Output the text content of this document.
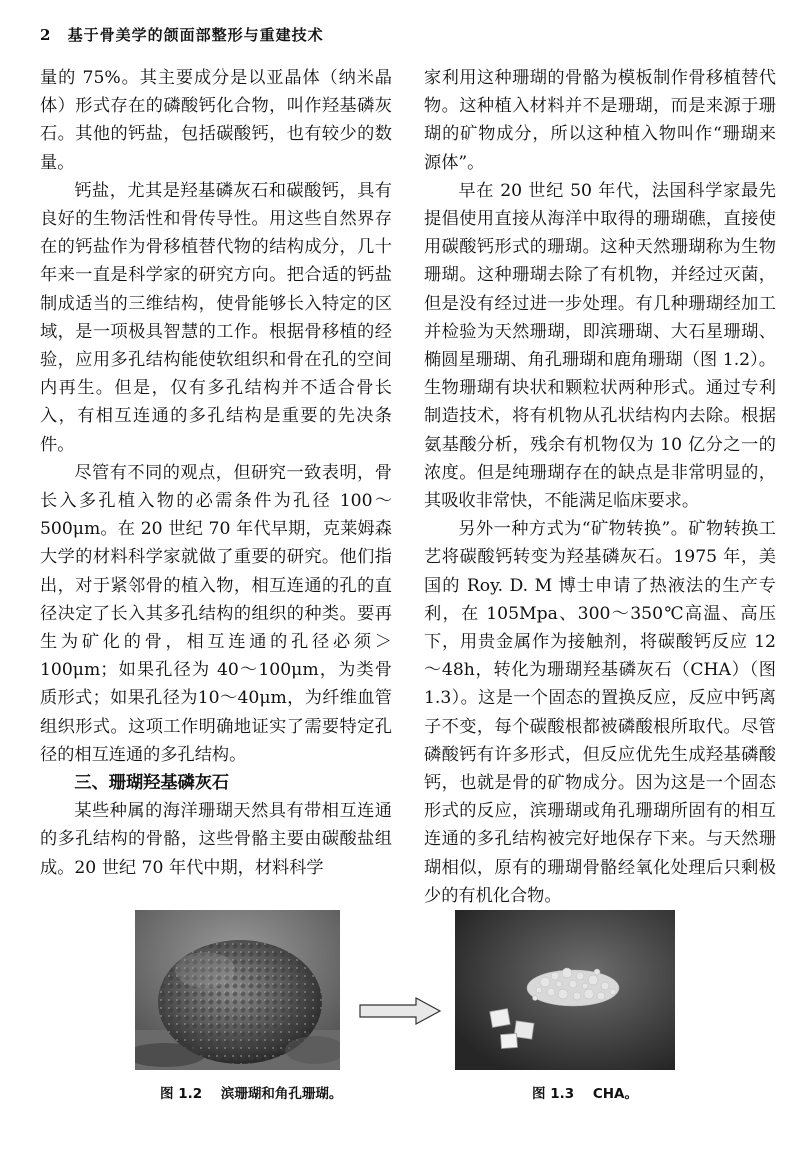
2 基于骨美学的颌面部整形与重建技术

量的 75%。其主要成分是以亚晶体（纳米晶体）形式存在的磷酸钙化合物，叫作羟基磷灰石。其他的钙盐，包括碳酸钙，也有较少的数量。

钙盐，尤其是羟基磷灰石和碳酸钙，具有良好的生物活性和骨传导性。用这些自然界存在的钙盐作为骨移植替代物的结构成分，几十年来一直是科学家的研究方向。把合适的钙盐制成适当的三维结构，使骨能够长入特定的区域，是一项极具智慧的工作。根据骨移植的经验，应用多孔结构能使软组织和骨在孔的空间内再生。但是，仅有多孔结构并不适合骨长入，有相互连通的多孔结构是重要的先决条件。

尽管有不同的观点，但研究一致表明，骨长入多孔植入物的必需条件为孔径 100～500μm。在 20 世纪 70 年代早期，克莱姆森大学的材料科学家就做了重要的研究。他们指出，对于紧邻骨的植入物，相互连通的孔的直径决定了长入其多孔结构的组织的种类。要再生为矿化的骨，相互连通的孔径必须＞100μm；如果孔径为 40～100μm，为类骨质形式；如果孔径为10～40μm，为纤维血管组织形式。这项工作明确地证实了需要特定孔径的相互连通的多孔结构。

三、珊瑚羟基磷灰石

某些种属的海洋珊瑚天然具有带相互连通的多孔结构的骨骼，这些骨骼主要由碳酸盐组成。20 世纪 70 年代中期，材料科学

家利用这种珊瑚的骨骼为模板制作骨移植替代物。这种植入材料并不是珊瑚，而是来源于珊瑚的矿物成分，所以这种植入物叫作“珊瑚来源体”。

早在 20 世纪 50 年代，法国科学家最先提倡使用直接从海洋中取得的珊瑚礁，直接使用碳酸钙形式的珊瑚。这种天然珊瑚称为生物珊瑚。这种珊瑚去除了有机物，并经过灭菌，但是没有经过进一步处理。有几种珊瑚经加工并检验为天然珊瑚，即滨珊瑚、大石星珊瑚、椭圆星珊瑚、角孔珊瑚和鹿角珊瑚（图 1.2）。生物珊瑚有块状和颗粒状两种形式。通过专利制造技术，将有机物从孔状结构内去除。根据氨基酸分析，残余有机物仅为 10 亿分之一的浓度。但是纯珊瑚存在的缺点是非常明显的，其吸收非常快，不能满足临床要求。

另外一种方式为“矿物转换”。矿物转换工艺将碳酸钙转变为羟基磷灰石。1975 年，美国的 Roy. D. M 博士申请了热液法的生产专利，在 105Mpa、300～350℃高温、高压下，用贵金属作为接触剂，将碳酸钙反应 12～48h，转化为珊瑚羟基磷灰石（CHA）（图 1.3）。这是一个固态的置换反应，反应中钙离子不变，每个碳酸根都被磷酸根所取代。尽管磷酸钙有许多形式，但反应优先生成羟基磷酸钙，也就是骨的矿物成分。因为这是一个固态形式的反应，滨珊瑚或角孔珊瑚所固有的相互连通的多孔结构被完好地保存下来。与天然珊瑚相似，原有的珊瑚骨骼经氧化处理后只剩极少的有机化合物。

图 1.2 滨珊瑚和角孔珊瑚。	图 1.3 CHA。
